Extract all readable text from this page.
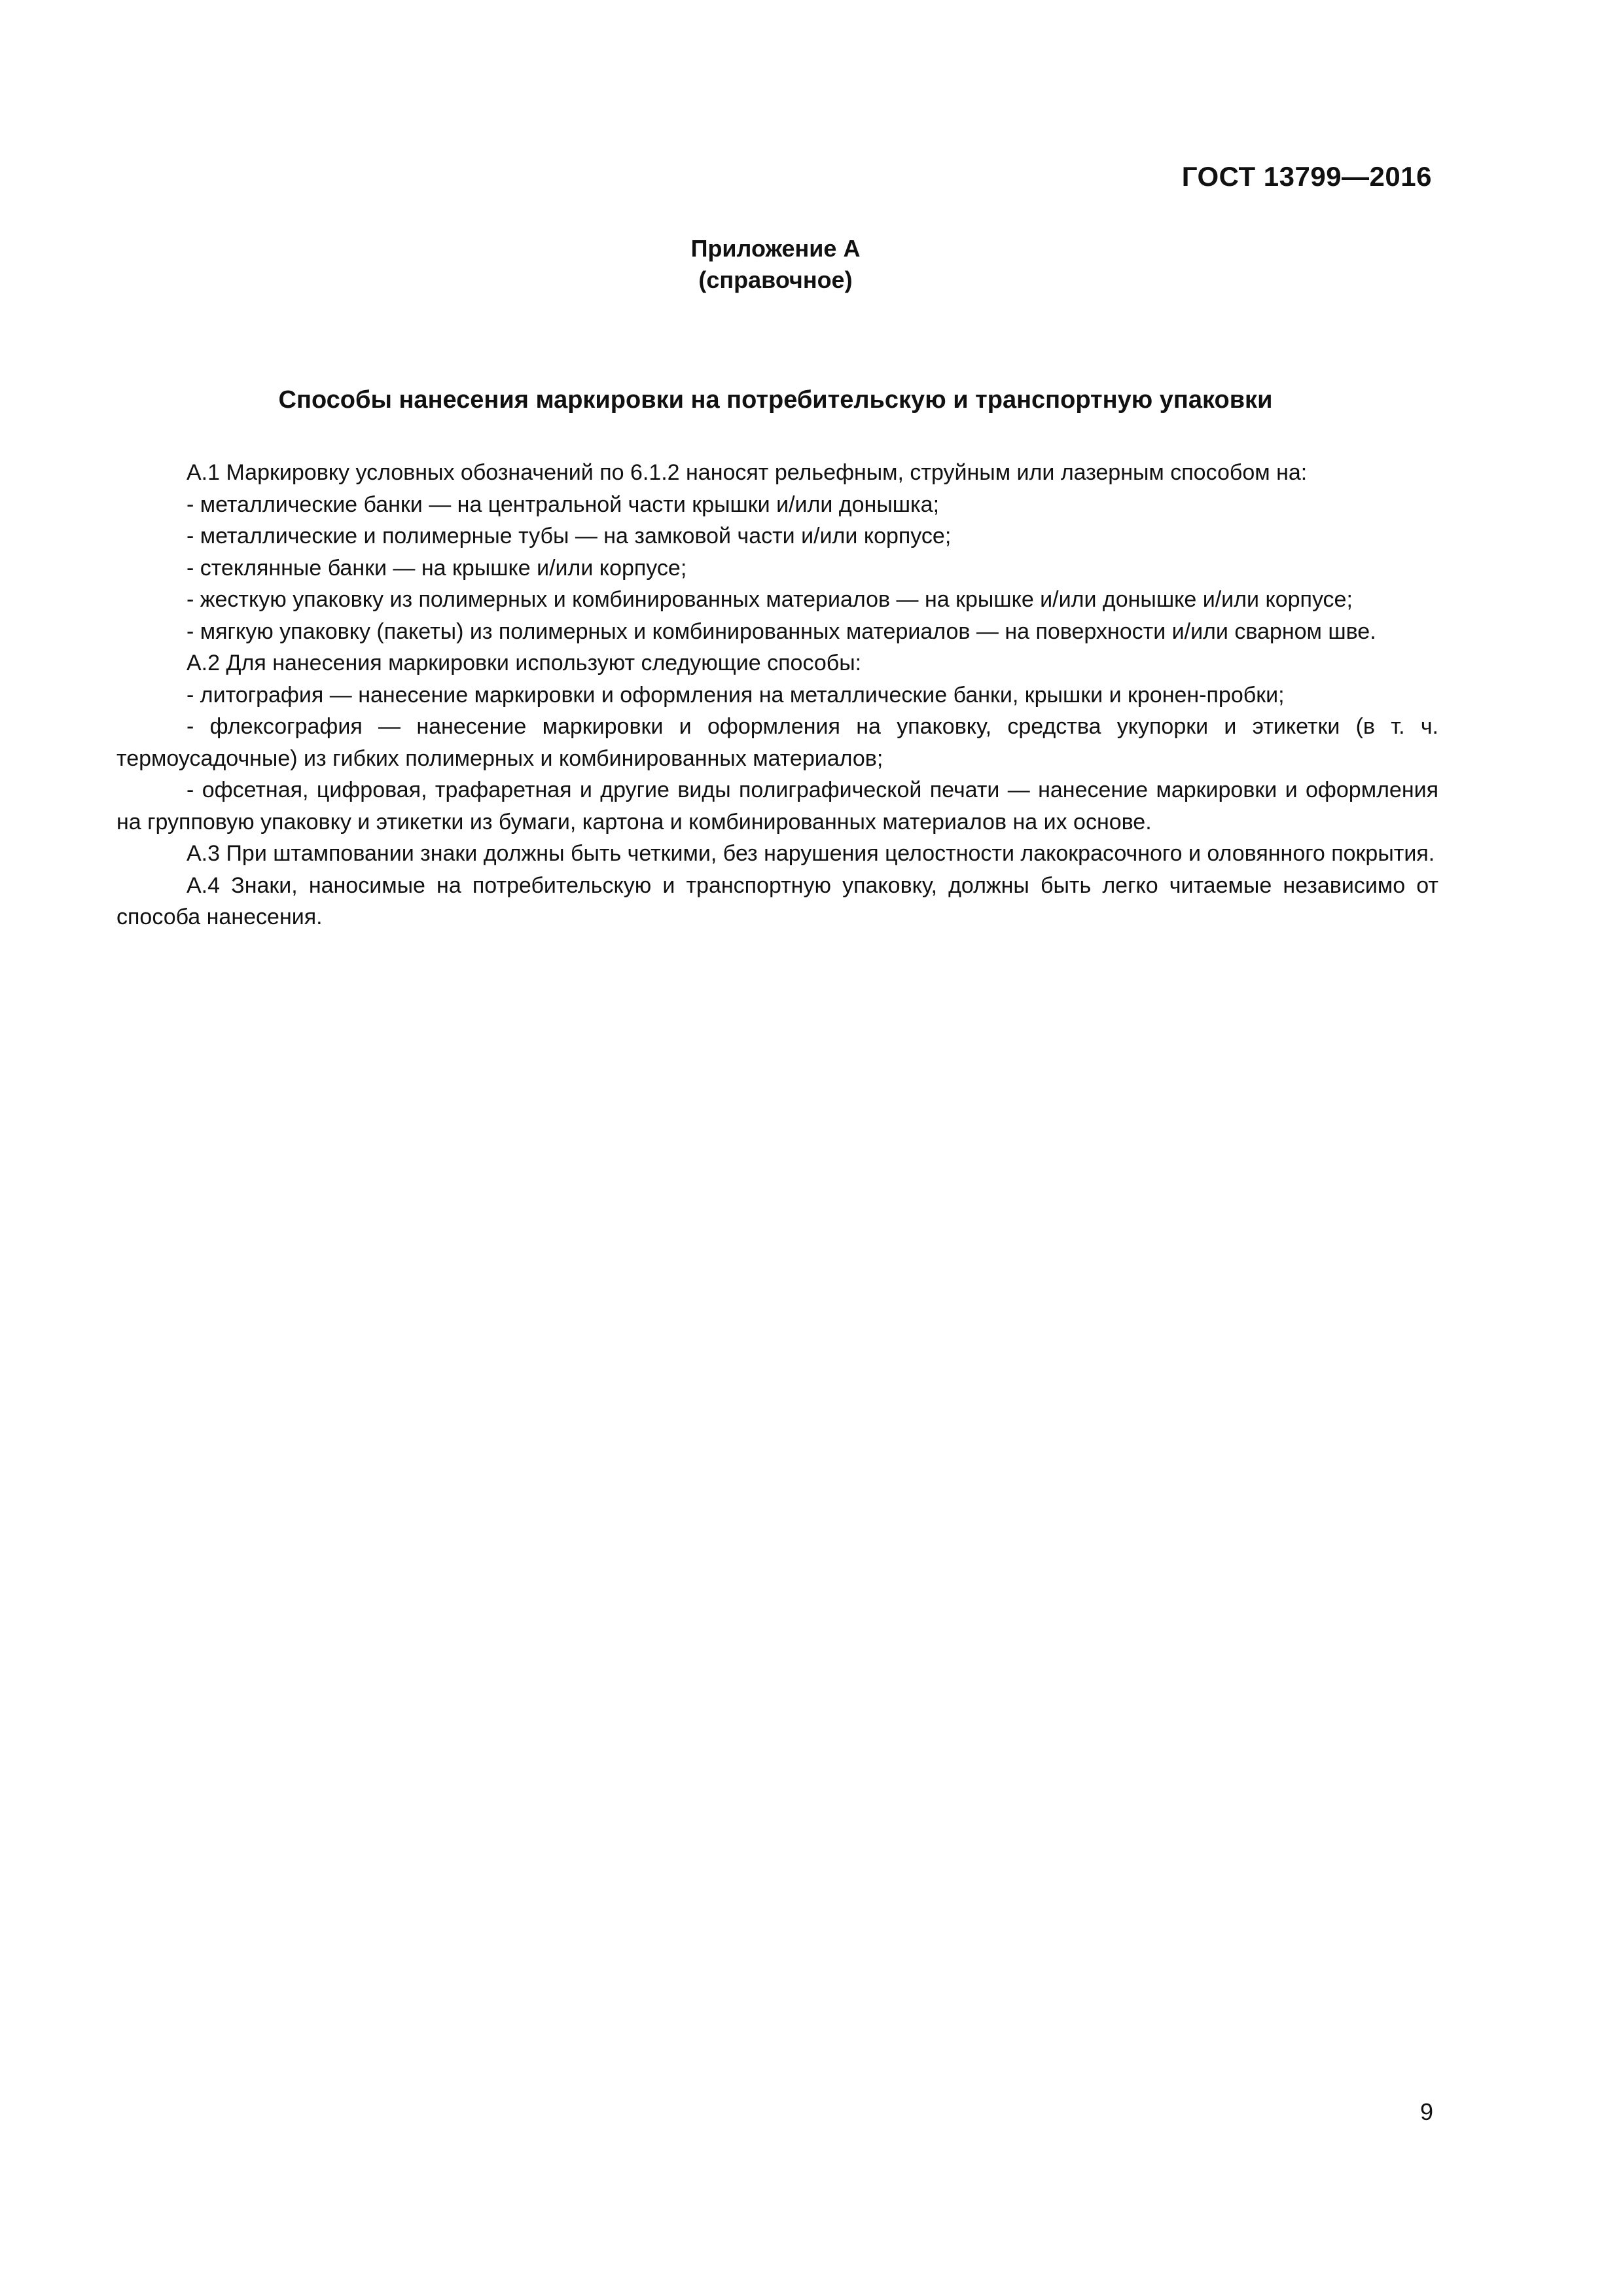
ГОСТ 13799—2016
Приложение А
(справочное)
Способы нанесения маркировки на потребительскую и транспортную упаковки

А.1 Маркировку условных обозначений по 6.1.2 наносят рельефным, струйным или лазерным способом на:

- металлические банки — на центральной части крышки и/или донышка;

- металлические и полимерные тубы — на замковой части и/или корпусе;

- стеклянные банки — на крышке и/или корпусе;

- жесткую упаковку из полимерных и комбинированных материалов — на крышке и/или донышке и/или корпусе;

- мягкую упаковку (пакеты) из полимерных и комбинированных материалов — на поверхности и/или сварном шве.

А.2 Для нанесения маркировки используют следующие способы:

- литография — нанесение маркировки и оформления на металлические банки, крышки и кронен-пробки;

- флексография — нанесение маркировки и оформления на упаковку, средства укупорки и этикетки (в т. ч. термоусадочные) из гибких полимерных и комбинированных материалов;

- офсетная, цифровая, трафаретная и другие виды полиграфической печати — нанесение маркировки и оформления на групповую упаковку и этикетки из бумаги, картона и комбинированных материалов на их основе.

А.3 При штамповании знаки должны быть четкими, без нарушения целостности лакокрасочного и оловянного покрытия.

А.4 Знаки, наносимые на потребительскую и транспортную упаковку, должны быть легко читаемые независимо от способа нанесения.

9
